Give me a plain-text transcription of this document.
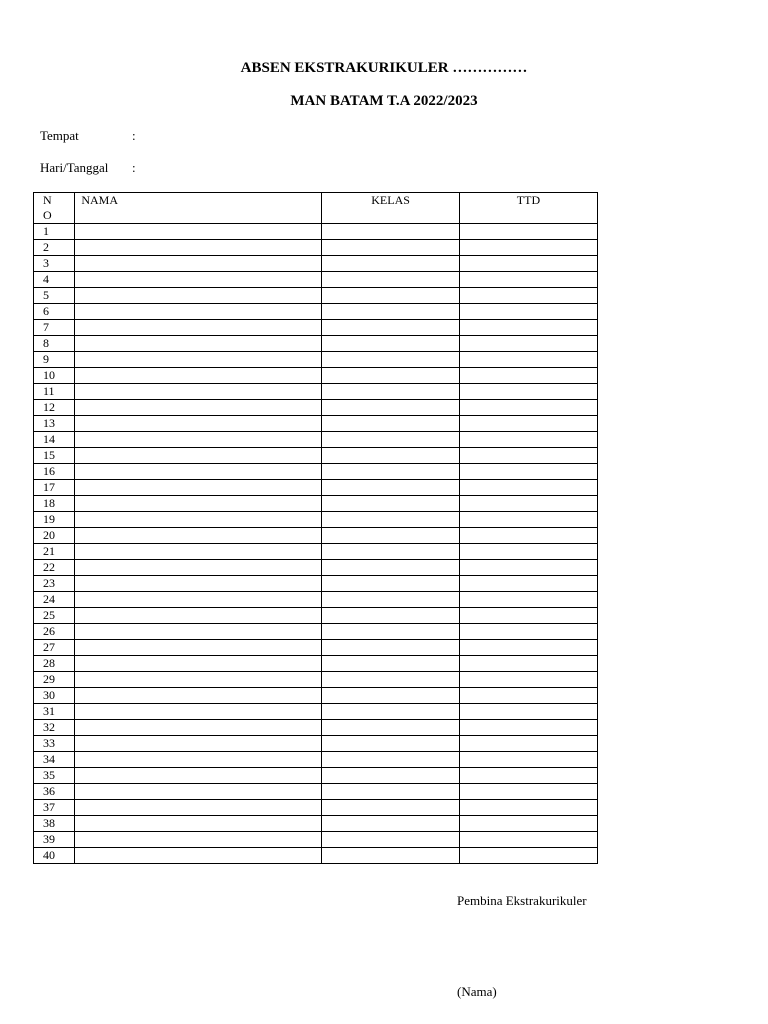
ABSEN EKSTRAKURIKULER ……………
MAN BATAM T.A 2022/2023
Tempat	:
Hari/Tanggal :
N
O	NAMA	KELAS	TTD
1			
2			
3			
4			
5			
6			
7			
8			
9			
10			
11			
12			
13			
14			
15			
16			
17			
18			
19			
20			
21			
22			
23			
24			
25			
26			
27			
28			
29			
30			
31			
32			
33			
34			
35			
36			
37			
38			
39			
40			
Pembina Ekstrakurikuler
(Nama)
